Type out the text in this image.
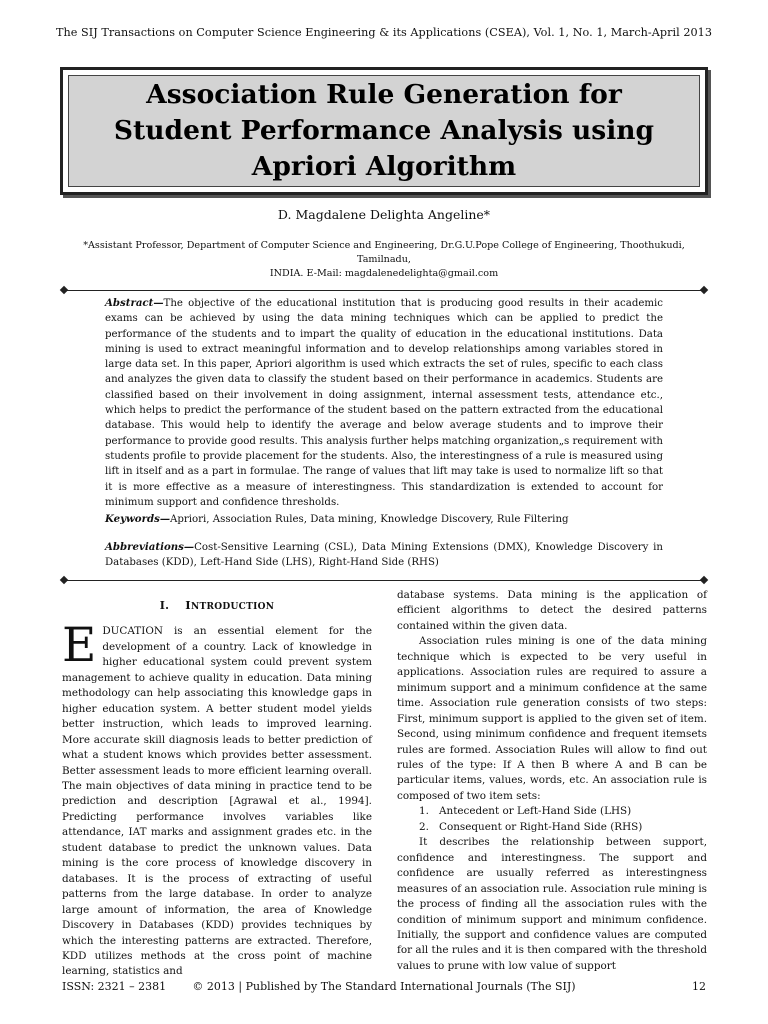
The SIJ Transactions on Computer Science Engineering & its Applications (CSEA), Vol. 1, No. 1, March-April 2013
Association Rule Generation for
Student Performance Analysis using
Apriori Algorithm
D. Magdalene Delighta Angeline*
*Assistant Professor, Department of Computer Science and Engineering, Dr.G.U.Pope College of Engineering, Thoothukudi, Tamilnadu,
INDIA. E-Mail: magdalenedelighta@gmail.com

Abstract—The objective of the educational institution that is producing good results in their academic exams can be achieved by using the data mining techniques which can be applied to predict the performance of the students and to impart the quality of education in the educational institutions. Data mining is used to extract meaningful information and to develop relationships among variables stored in large data set. In this paper, Apriori algorithm is used which extracts the set of rules, specific to each class and analyzes the given data to classify the student based on their performance in academics. Students are classified based on their involvement in doing assignment, internal assessment tests, attendance etc., which helps to predict the performance of the student based on the pattern extracted from the educational database. This would help to identify the average and below average students and to improve their performance to provide good results. This analysis further helps matching organization„s requirement with students profile to provide placement for the students. Also, the interestingness of a rule is measured using lift in itself and as a part in formulae. The range of values that lift may take is used to normalize lift so that it is more effective as a measure of interestingness. This standardization is extended to account for minimum support and confidence thresholds.

Keywords—Apriori, Association Rules, Data mining, Knowledge Discovery, Rule Filtering

Abbreviations—Cost-Sensitive Learning (CSL), Data Mining Extensions (DMX), Knowledge Discovery in Databases (KDD), Left-Hand Side (LHS), Right-Hand Side (RHS)

I. INTRODUCTION

EDUCATION is an essential element for the development of a country. Lack of knowledge in higher educational system could prevent system management to achieve quality in education. Data mining methodology can help associating this knowledge gaps in higher education system. A better student model yields better instruction, which leads to improved learning. More accurate skill diagnosis leads to better prediction of what a student knows which provides better assessment. Better assessment leads to more efficient learning overall. The main objectives of data mining in practice tend to be prediction and description [Agrawal et al., 1994]. Predicting performance involves variables like attendance, IAT marks and assignment grades etc. in the student database to predict the unknown values. Data mining is the core process of knowledge discovery in databases. It is the process of extracting of useful patterns from the large database. In order to analyze large amount of information, the area of Knowledge Discovery in Databases (KDD) provides techniques by which the interesting patterns are extracted. Therefore, KDD utilizes methods at the cross point of machine learning, statistics and

database systems. Data mining is the application of efficient algorithms to detect the desired patterns contained within the given data.

Association rules mining is one of the data mining technique which is expected to be very useful in applications. Association rules are required to assure a minimum support and a minimum confidence at the same time. Association rule generation consists of two steps: First, minimum support is applied to the given set of item. Second, using minimum confidence and frequent itemsets rules are formed. Association Rules will allow to find out rules of the type: If A then B where A and B can be particular items, values, words, etc. An association rule is composed of two item sets:

1. Antecedent or Left-Hand Side (LHS)

2. Consequent or Right-Hand Side (RHS)

It describes the relationship between support, confidence and interestingness. The support and confidence are usually referred as interestingness measures of an association rule. Association rule mining is the process of finding all the association rules with the condition of minimum support and minimum confidence. Initially, the support and confidence values are computed for all the rules and it is then compared with the threshold values to prune with low value of support

ISSN: 2321 – 2381	© 2013 | Published by The Standard International Journals (The SIJ)	12
